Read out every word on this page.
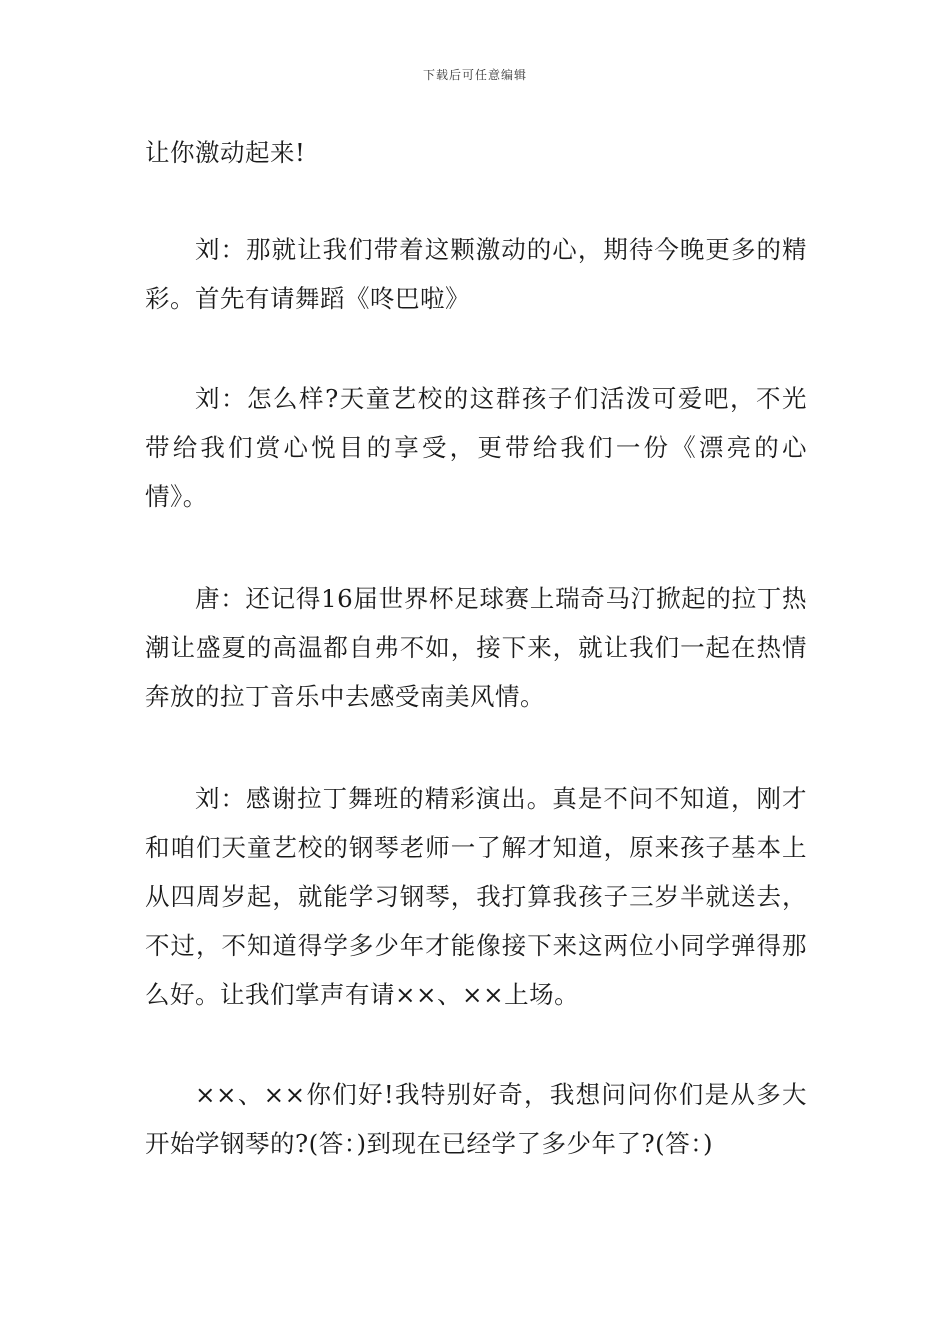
下载后可任意编辑

让你激动起来!

刘：那就让我们带着这颗激动的心，期待今晚更多的精彩。首先有请舞蹈《咚巴啦》

刘：怎么样?天童艺校的这群孩子们活泼可爱吧，不光带给我们赏心悦目的享受，更带给我们一份《漂亮的心情》。

唐：还记得16届世界杯足球赛上瑞奇马汀掀起的拉丁热潮让盛夏的高温都自弗不如，接下来，就让我们一起在热情奔放的拉丁音乐中去感受南美风情。

刘：感谢拉丁舞班的精彩演出。真是不问不知道，刚才和咱们天童艺校的钢琴老师一了解才知道，原来孩子基本上从四周岁起，就能学习钢琴，我打算我孩子三岁半就送去，不过，不知道得学多少年才能像接下来这两位小同学弹得那么好。让我们掌声有请××、××上场。

××、××你们好!我特别好奇，我想问问你们是从多大开始学钢琴的?(答：)到现在已经学了多少年了?(答：)
